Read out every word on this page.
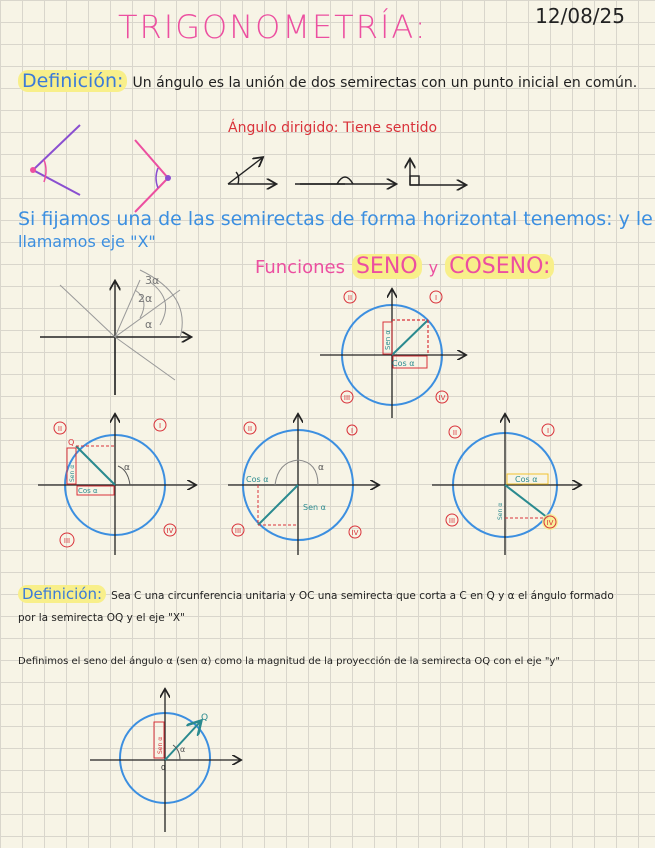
TRIGONOMETRÍA:	12/08/25
Definición: Un ángulo es la unión de dos semirectas con un punto inicial en común.
Ángulo dirigido: Tiene sentido
Si fijamos una de las semirectas de forma horizontal tenemos: y le
llamamos eje "X"
Funciones SENO y COSENO:
Definición: Sea C una circunferencia unitaria y OC una semirecta que corta a C en Q y α el ángulo formado
por la semirecta OQ y el eje "X"
Definimos el seno del ángulo α (sen α) como la magnitud de la proyección de la semirecta OQ con el eje "y"
3α
2α
α
Cos α
Sen α
II	I
III	IV
α
Cos α
Sen α
Q
II	I
III
IV
α
Cos α
Sen α
II	I
III	IV
Cos α
Sen α
II	I
III	IV
α
Q
0
Sen α
